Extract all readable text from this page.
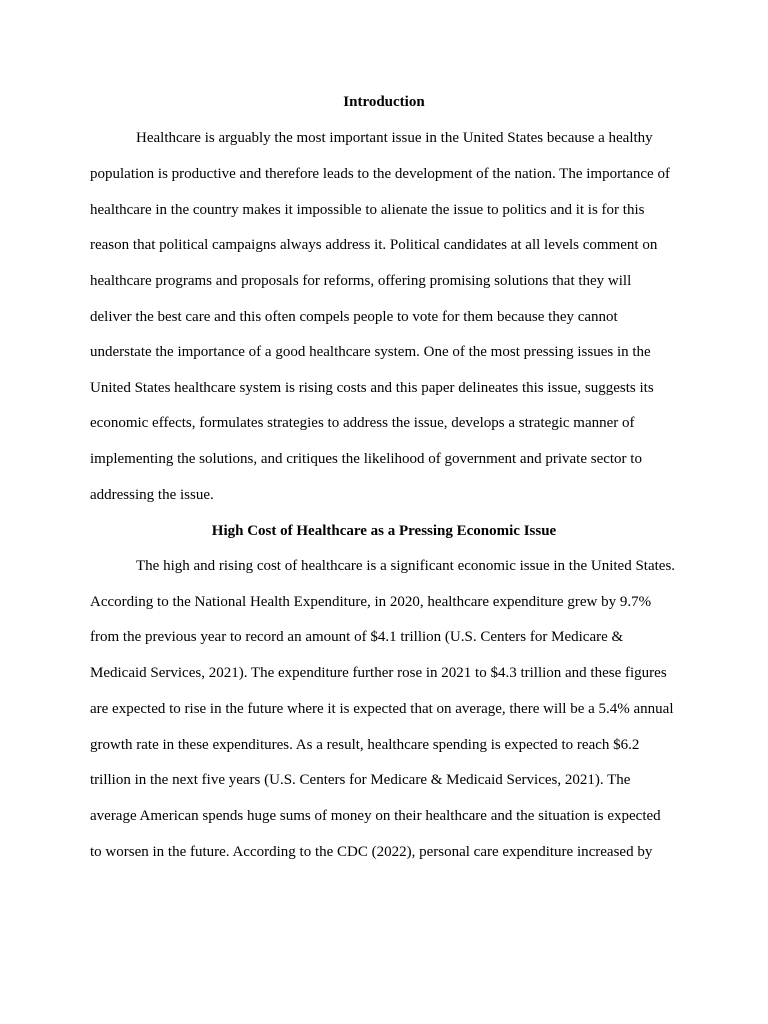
Introduction

Healthcare is arguably the most important issue in the United States because a healthy

population is productive and therefore leads to the development of the nation. The importance of

healthcare in the country makes it impossible to alienate the issue to politics and it is for this

reason that political campaigns always address it. Political candidates at all levels comment on

healthcare programs and proposals for reforms, offering promising solutions that they will

deliver the best care and this often compels people to vote for them because they cannot

understate the importance of a good healthcare system. One of the most pressing issues in the

United States healthcare system is rising costs and this paper delineates this issue, suggests its

economic effects, formulates strategies to address the issue, develops a strategic manner of

implementing the solutions, and critiques the likelihood of government and private sector to

addressing the issue.

High Cost of Healthcare as a Pressing Economic Issue

The high and rising cost of healthcare is a significant economic issue in the United States.

According to the National Health Expenditure, in 2020, healthcare expenditure grew by 9.7%

from the previous year to record an amount of $4.1 trillion (U.S. Centers for Medicare &

Medicaid Services, 2021). The expenditure further rose in 2021 to $4.3 trillion and these figures

are expected to rise in the future where it is expected that on average, there will be a 5.4% annual

growth rate in these expenditures. As a result, healthcare spending is expected to reach $6.2

trillion in the next five years (U.S. Centers for Medicare & Medicaid Services, 2021). The

average American spends huge sums of money on their healthcare and the situation is expected

to worsen in the future. According to the CDC (2022), personal care expenditure increased by
